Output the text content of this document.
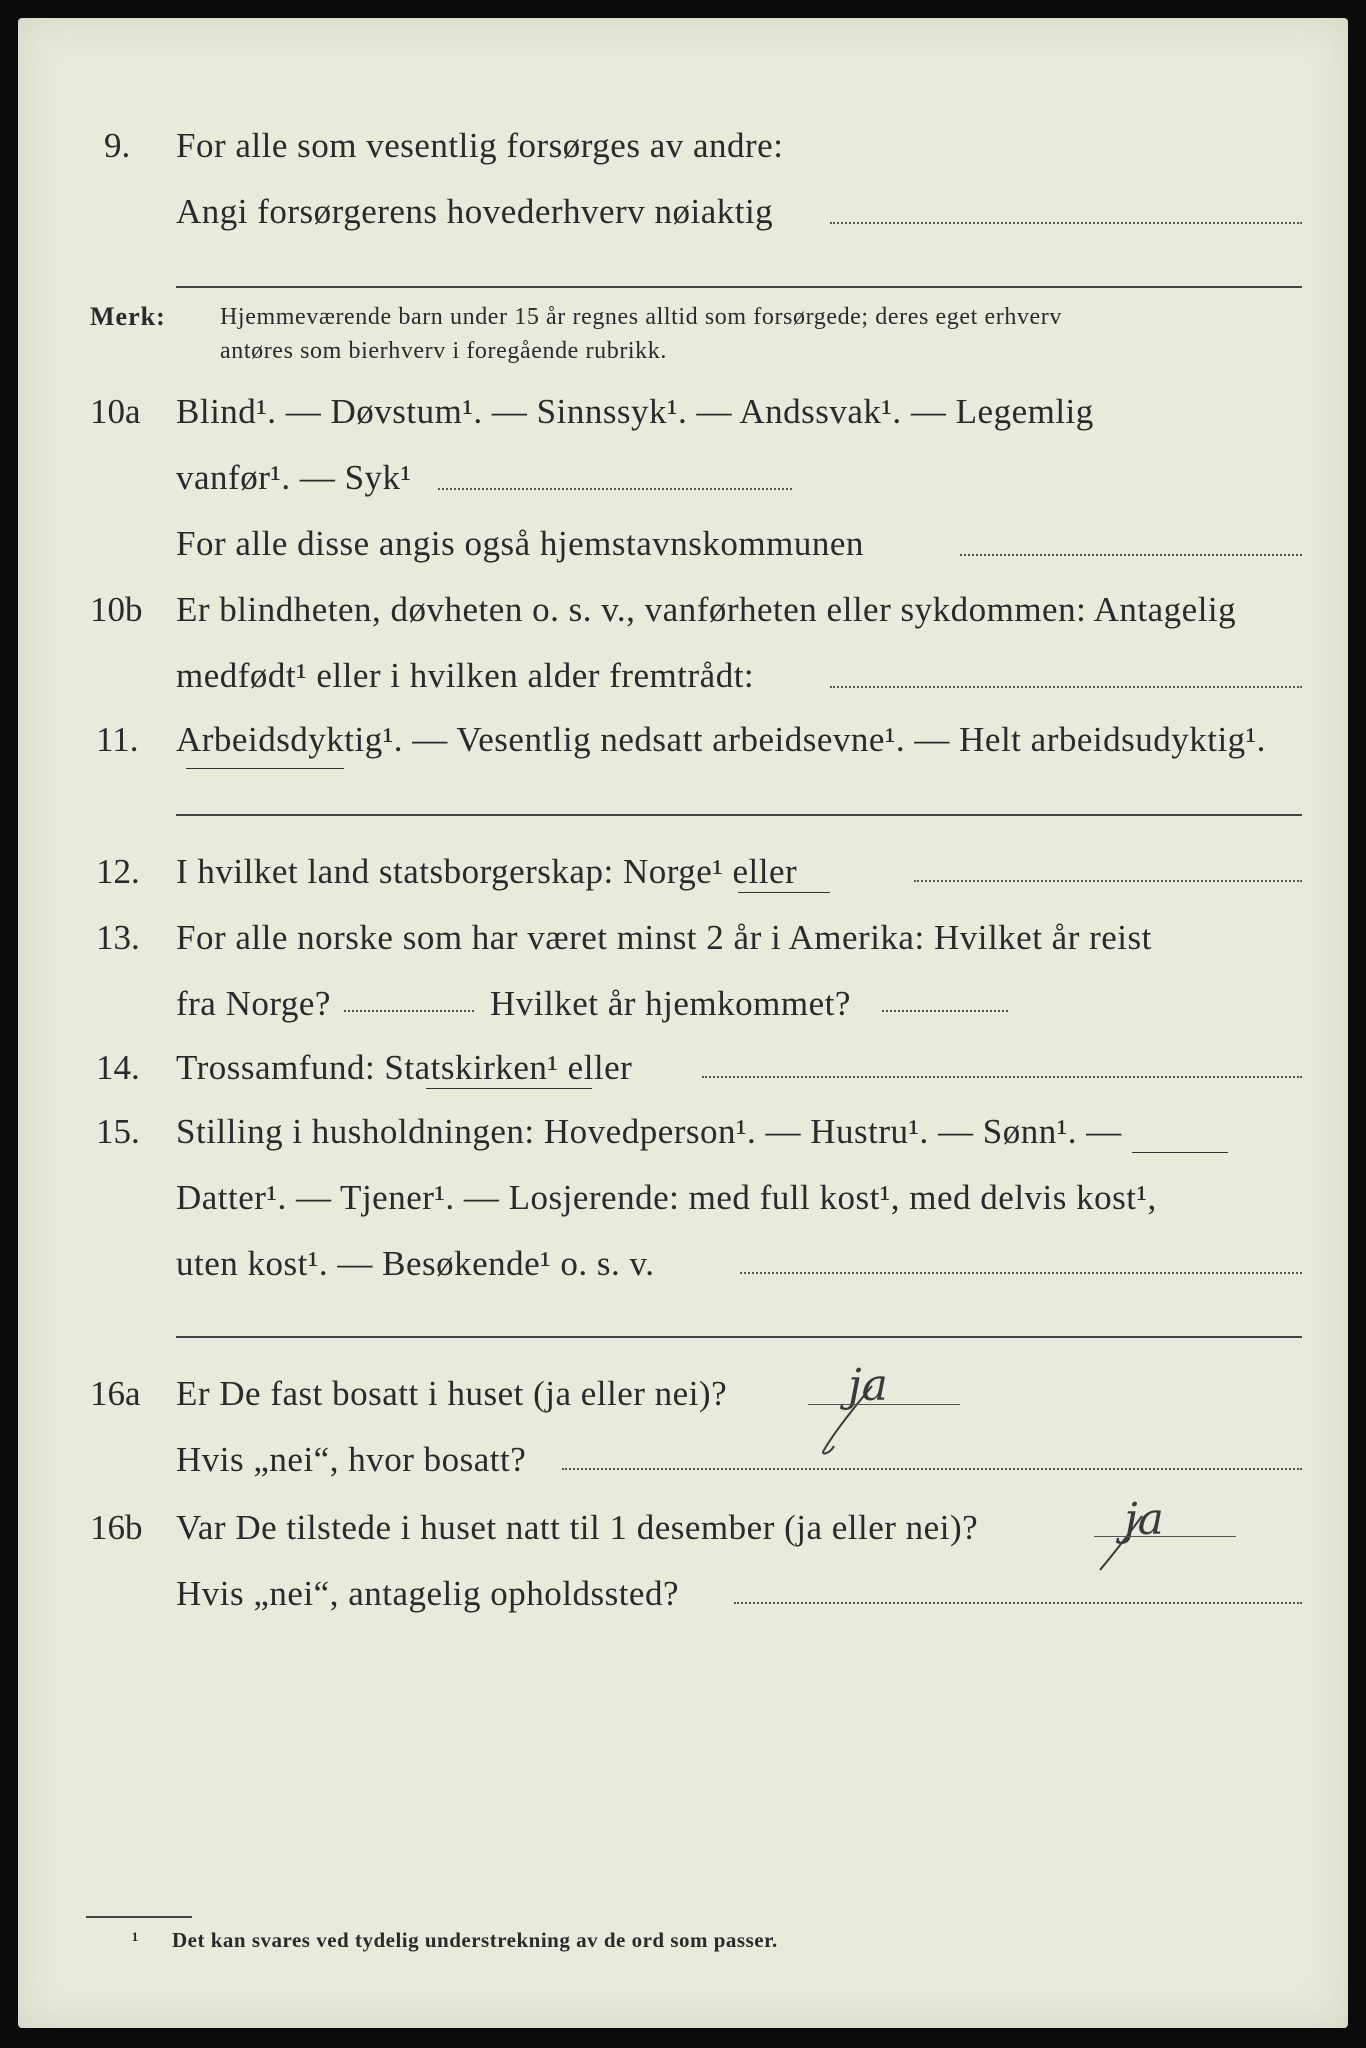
9. For alle som vesentlig forsørges av andre:
Angi forsørgerens hovederhverv nøiaktig
Merk: Hjemmeværende barn under 15 år regnes alltid som forsørgede; deres eget erhverv
antøres som bierhverv i foregående rubrikk.
10a Blind¹. — Døvstum¹. — Sinnssyk¹. — Andssvak¹. — Legemlig
vanfør¹. — Syk¹
For alle disse angis også hjemstavnskommunen
10b Er blindheten, døvheten o. s. v., vanførheten eller sykdommen: Antagelig
medfødt¹ eller i hvilken alder fremtrådt:
11. Arbeidsdyktig¹. — Vesentlig nedsatt arbeidsevne¹. — Helt arbeidsudyktig¹.
12. I hvilket land statsborgerskap: Norge¹ eller
13. For alle norske som har været minst 2 år i Amerika: Hvilket år reist
fra Norge?	Hvilket år hjemkommet?
14. Trossamfund: Statskirken¹ eller
15. Stilling i husholdningen: Hovedperson¹. — Hustru¹. — Sønn¹. —
Datter¹. — Tjener¹. — Losjerende: med full kost¹, med delvis kost¹,
uten kost¹. — Besøkende¹ o. s. v.
16a Er De fast bosatt i huset (ja eller nei)?	ja
Hvis „nei“, hvor bosatt?
16b Var De tilstede i huset natt til 1 desember (ja eller nei)?	ja
Hvis „nei“, antagelig opholdssted?
¹ Det kan svares ved tydelig understrekning av de ord som passer.
